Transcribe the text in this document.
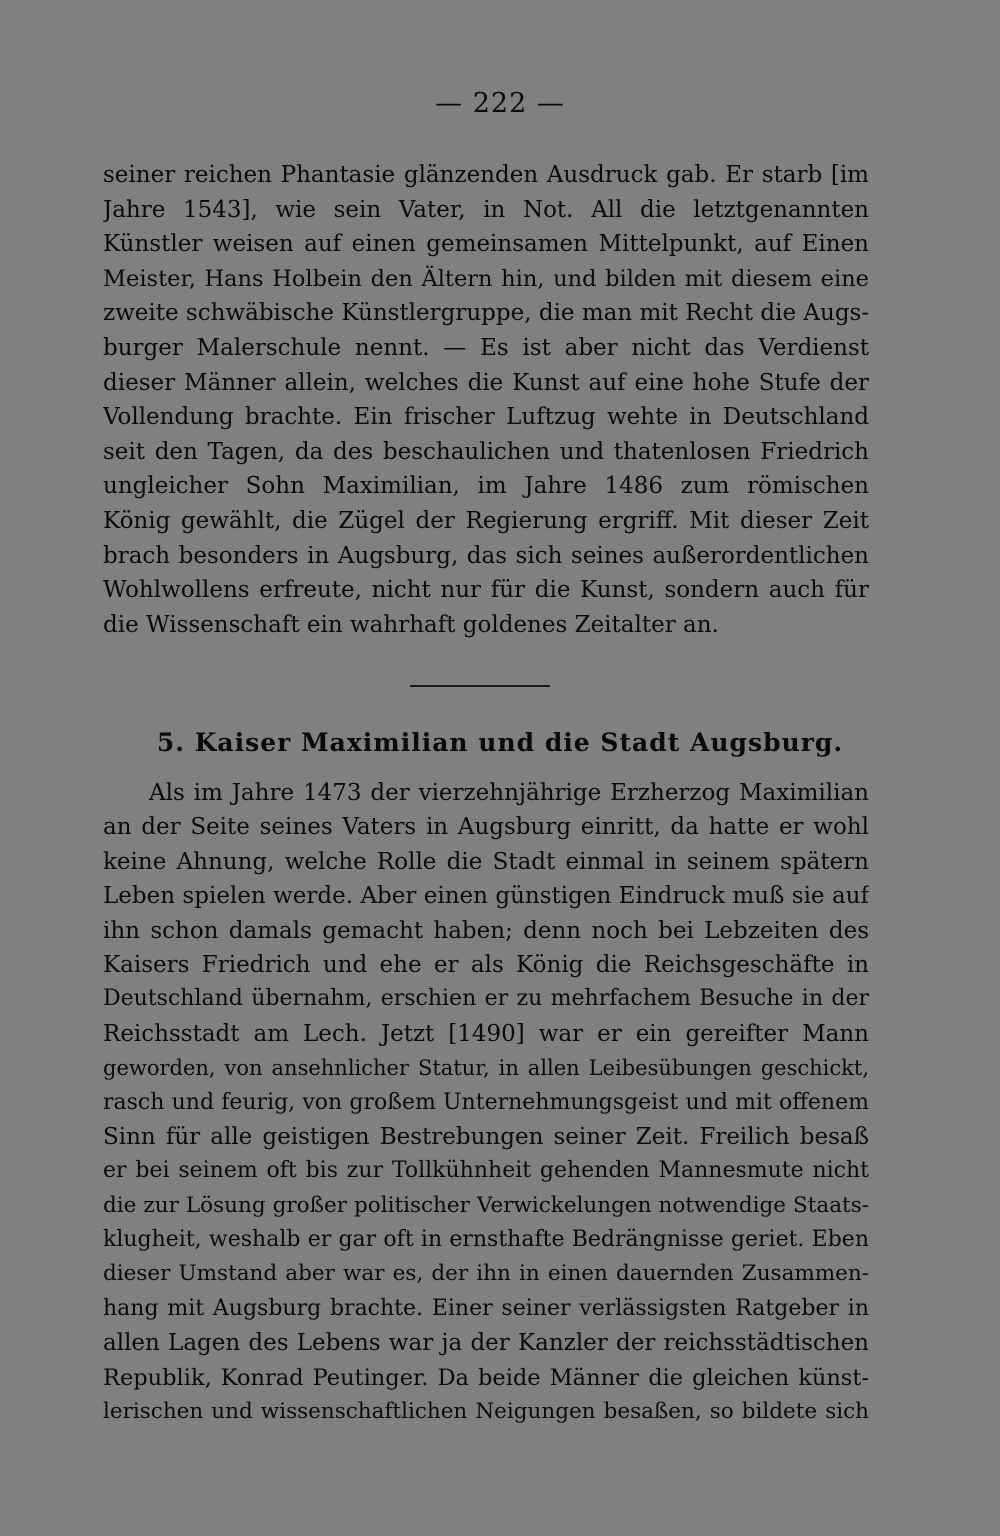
— 222 —
seiner reichen Phantasie glänzenden Ausdruck gab. Er starb [im
Jahre 1543], wie sein Vater, in Not. All die letztgenannten
Künstler weisen auf einen gemeinsamen Mittelpunkt, auf Einen
Meister, Hans Holbein den Ältern hin, und bilden mit diesem eine
zweite schwäbische Künstlergruppe, die man mit Recht die Augs-
burger Malerschule nennt. — Es ist aber nicht das Verdienst
dieser Männer allein, welches die Kunst auf eine hohe Stufe der
Vollendung brachte. Ein frischer Luftzug wehte in Deutschland
seit den Tagen, da des beschaulichen und thatenlosen Friedrich
ungleicher Sohn Maximilian, im Jahre 1486 zum römischen
König gewählt, die Zügel der Regierung ergriff. Mit dieser Zeit
brach besonders in Augsburg, das sich seines außerordentlichen
Wohlwollens erfreute, nicht nur für die Kunst, sondern auch für
die Wissenschaft ein wahrhaft goldenes Zeitalter an.
5. Kaiser Maximilian und die Stadt Augsburg.
Als im Jahre 1473 der vierzehnjährige Erzherzog Maximilian
an der Seite seines Vaters in Augsburg einritt, da hatte er wohl
keine Ahnung, welche Rolle die Stadt einmal in seinem spätern
Leben spielen werde. Aber einen günstigen Eindruck muß sie auf
ihn schon damals gemacht haben; denn noch bei Lebzeiten des
Kaisers Friedrich und ehe er als König die Reichsgeschäfte in
Deutschland übernahm, erschien er zu mehrfachem Besuche in der
Reichsstadt am Lech. Jetzt [1490] war er ein gereifter Mann
geworden, von ansehnlicher Statur, in allen Leibesübungen geschickt,
rasch und feurig, von großem Unternehmungsgeist und mit offenem
Sinn für alle geistigen Bestrebungen seiner Zeit. Freilich besaß
er bei seinem oft bis zur Tollkühnheit gehenden Mannesmute nicht
die zur Lösung großer politischer Verwickelungen notwendige Staats-
klugheit, weshalb er gar oft in ernsthafte Bedrängnisse geriet. Eben
dieser Umstand aber war es, der ihn in einen dauernden Zusammen-
hang mit Augsburg brachte. Einer seiner verlässigsten Ratgeber in
allen Lagen des Lebens war ja der Kanzler der reichsstädtischen
Republik, Konrad Peutinger. Da beide Männer die gleichen künst-
lerischen und wissenschaftlichen Neigungen besaßen, so bildete sich
